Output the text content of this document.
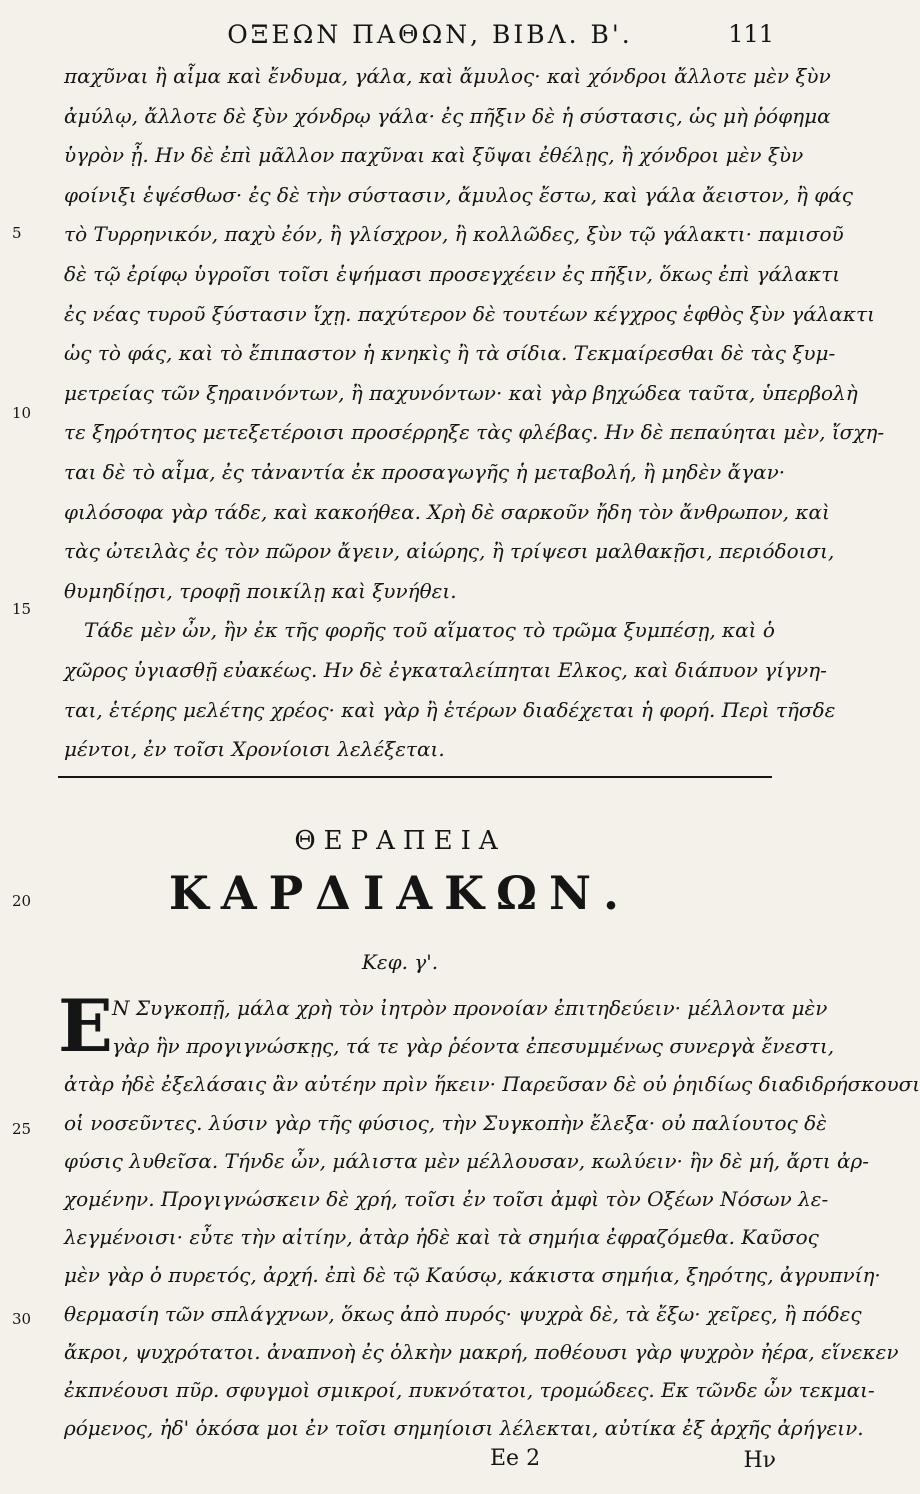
ΟΞΕΩΝ ΠΑΘΩΝ, ΒΙΒΛ. Β'.	111
παχῦναι ἢ αἷμα καὶ ἔνδυμα, γάλα, καὶ ἄμυλος· καὶ χόνδροι ἄλλοτε μὲν ξὺν
ἀμύλῳ, ἄλλοτε δὲ ξὺν χόνδρῳ γάλα· ἐς πῆξιν δὲ ἡ σύστασις, ὡς μὴ ῥόφημα
ὑγρὸν ᾖ. Ην δὲ ἐπὶ μᾶλλον παχῦναι καὶ ξῦψαι ἐθέλῃς, ἢ χόνδροι μὲν ξὺν
φοίνιξι ἑψέσθωσ· ἐς δὲ τὴν σύστασιν, ἄμυλος ἔστω, καὶ γάλα ἄειστον, ἢ φάς
τὸ Τυρρηνικόν, παχὺ ἐόν, ἢ γλίσχρον, ἢ κολλῶδες, ξὺν τῷ γάλακτι· παμισοῦ
δὲ τῷ ἐρίφῳ ὑγροῖσι τοῖσι ἑψήμασι προσεγχέειν ἐς πῆξιν, ὅκως ἐπὶ γάλακτι
ἐς νέας τυροῦ ξύστασιν ἴχῃ. παχύτερον δὲ τουτέων κέγχρος ἑφθὸς ξὺν γάλακτι
ὡς τὸ φάς, καὶ τὸ ἔπιπαστον ἡ κνηκὶς ἢ τὰ σίδια. Τεκμαίρεσθαι δὲ τὰς ξυμ-
μετρείας τῶν ξηραινόντων, ἢ παχυνόντων· καὶ γὰρ βηχώδεα ταῦτα, ὑπερβολὴ
τε ξηρότητος μετεξετέροισι προσέρρηξε τὰς φλέβας. Ην δὲ πεπαύηται μὲν, ἴσχη-
ται δὲ τὸ αἷμα, ἐς τἀναντία ἐκ προσαγωγῆς ἡ μεταβολή, ἢ μηδὲν ἄγαν·
φιλόσοφα γὰρ τάδε, καὶ κακοήθεα. Χρὴ δὲ σαρκοῦν ἤδη τὸν ἄνθρωπον, καὶ
τὰς ὠτειλὰς ἐς τὸν πῶρον ἄγειν, αἰώρης, ἢ τρίψεσι μαλθακῇσι, περιόδοισι,
θυμηδίῃσι, τροφῇ ποικίλῃ καὶ ξυνήθει.
Τάδε μὲν ὦν, ἢν ἐκ τῆς φορῆς τοῦ αἵματος τὸ τρῶμα ξυμπέσῃ, καὶ ὁ
χῶρος ὑγιασθῇ εὐακέως. Ην δὲ ἐγκαταλείπηται Ελκος, καὶ διάπυον γίγνη-
ται, ἑτέρης μελέτης χρέος· καὶ γὰρ ἢ ἑτέρων διαδέχεται ἡ φορή. Περὶ τῆσδε
μέντοι, ἐν τοῖσι Χρονίοισι λελέξεται.
5
10
15
20
ΘΕΡΑΠΕΙΑ
ΚΑΡΔΙΑΚΩΝ.
Κεφ. γ'.
E Ν Συγκοπῇ, μάλα χρὴ τὸν ἰητρὸν προνοίαν ἐπιτηδεύειν· μέλλοντα μὲν
γὰρ ἣν προγιγνώσκῃς, τά τε γὰρ ῥέοντα ἐπεσυμμένως συνεργὰ ἔνεστι,
ἀτὰρ ἠδὲ ἐξελάσαις ἂν αὐτέην πρὶν ἥκειν· Παρεῦσαν δὲ οὐ ῥηιδίως διαδιδρήσκουσι
οἱ νοσεῦντες. λύσιν γὰρ τῆς φύσιος, τὴν Συγκοπὴν ἔλεξα· οὐ παλίουτος δὲ
φύσις λυθεῖσα. Τήνδε ὦν, μάλιστα μὲν μέλλουσαν, κωλύειν· ἢν δὲ μή, ἄρτι ἀρ-
χομένην. Προγιγνώσκειν δὲ χρή, τοῖσι ἐν τοῖσι ἀμφὶ τὸν Οξέων Νόσων λε-
λεγμένοισι· εὖτε τὴν αἰτίην, ἀτὰρ ἠδὲ καὶ τὰ σημήια ἐφραζόμεθα. Καῦσος
μὲν γὰρ ὁ πυρετός, ἀρχή. ἐπὶ δὲ τῷ Καύσῳ, κάκιστα σημήια, ξηρότης, ἀγρυπνίη·
θερμασίη τῶν σπλάγχνων, ὅκως ἀπὸ πυρός· ψυχρὰ δὲ, τὰ ἔξω· χεῖρες, ἢ πόδες
ἄκροι, ψυχρότατοι. ἀναπνοὴ ἐς ὁλκὴν μακρή, ποθέουσι γὰρ ψυχρὸν ἠέρα, εἵνεκεν
ἐκπνέουσι πῦρ. σφυγμοὶ σμικροί, πυκνότατοι, τρομώδεες. Εκ τῶνδε ὦν τεκμαι-
ρόμενος, ἠδ' ὁκόσα μοι ἐν τοῖσι σημηίοισι λέλεκται, αὐτίκα ἐξ ἀρχῆς ἀρήγειν.
25
30
Ee 2	Ην
